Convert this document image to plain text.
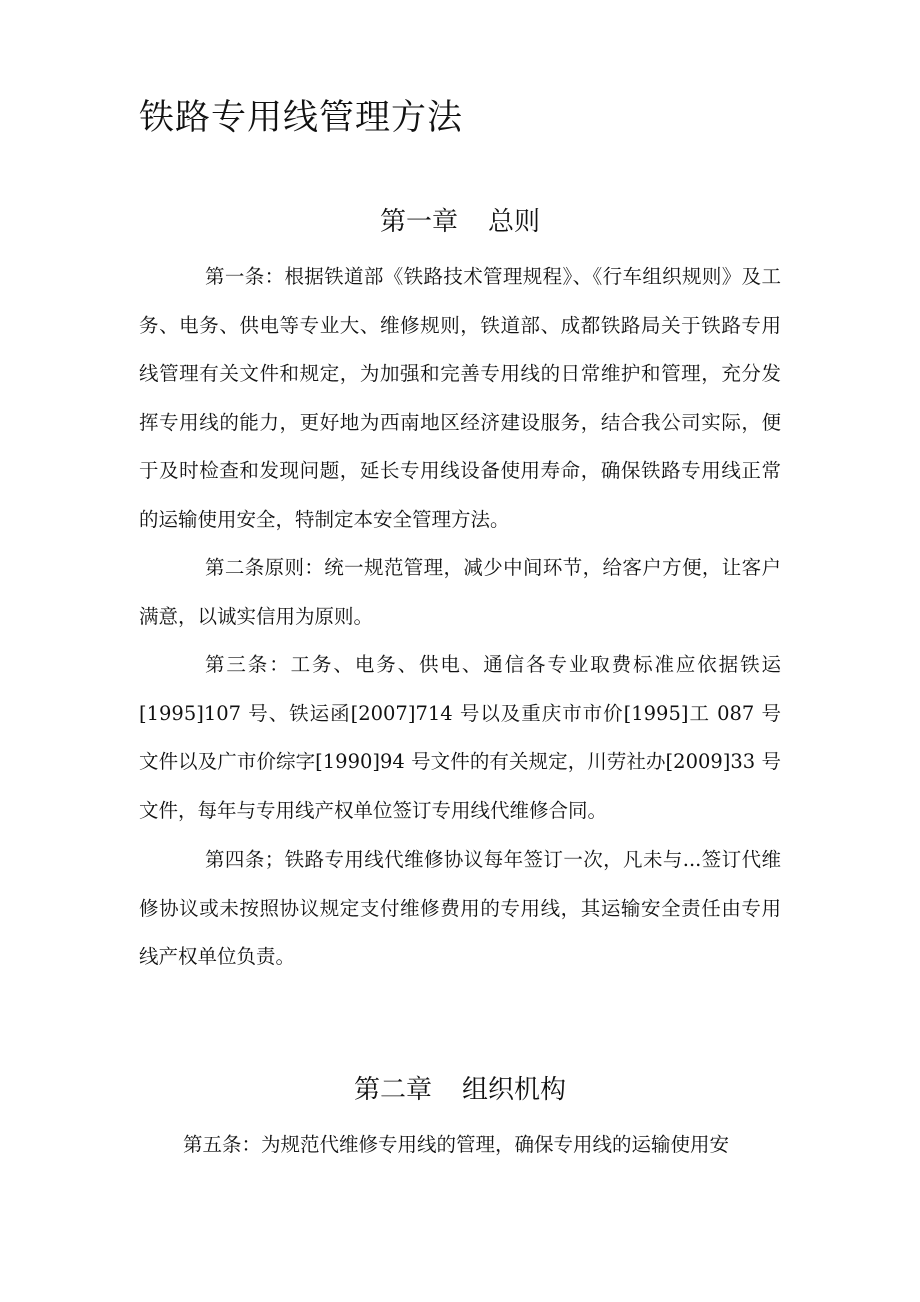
铁路专用线管理方法
第一章 总则

第一条：根据铁道部《铁路技术管理规程》、《行车组织规则》及工务、电务、供电等专业大、维修规则，铁道部、成都铁路局关于铁路专用线管理有关文件和规定，为加强和完善专用线的日常维护和管理，充分发挥专用线的能力，更好地为西南地区经济建设服务，结合我公司实际，便于及时检查和发现问题，延长专用线设备使用寿命，确保铁路专用线正常的运输使用安全，特制定本安全管理方法。

第二条原则：统一规范管理，减少中间环节，给客户方便，让客户满意，以诚实信用为原则。

第三条：工务、电务、供电、通信各专业取费标准应依据铁运[1995]107 号、铁运函[2007]714 号以及重庆市市价[1995]工 087 号文件以及广市价综字[1990]94 号文件的有关规定，川劳社办[2009]33 号文件，每年与专用线产权单位签订专用线代维修合同。

第四条；铁路专用线代维修协议每年签订一次，凡未与...签订代维修协议或未按照协议规定支付维修费用的专用线，其运输安全责任由专用线产权单位负责。

第二章 组织机构

第五条：为规范代维修专用线的管理，确保专用线的运输使用安
